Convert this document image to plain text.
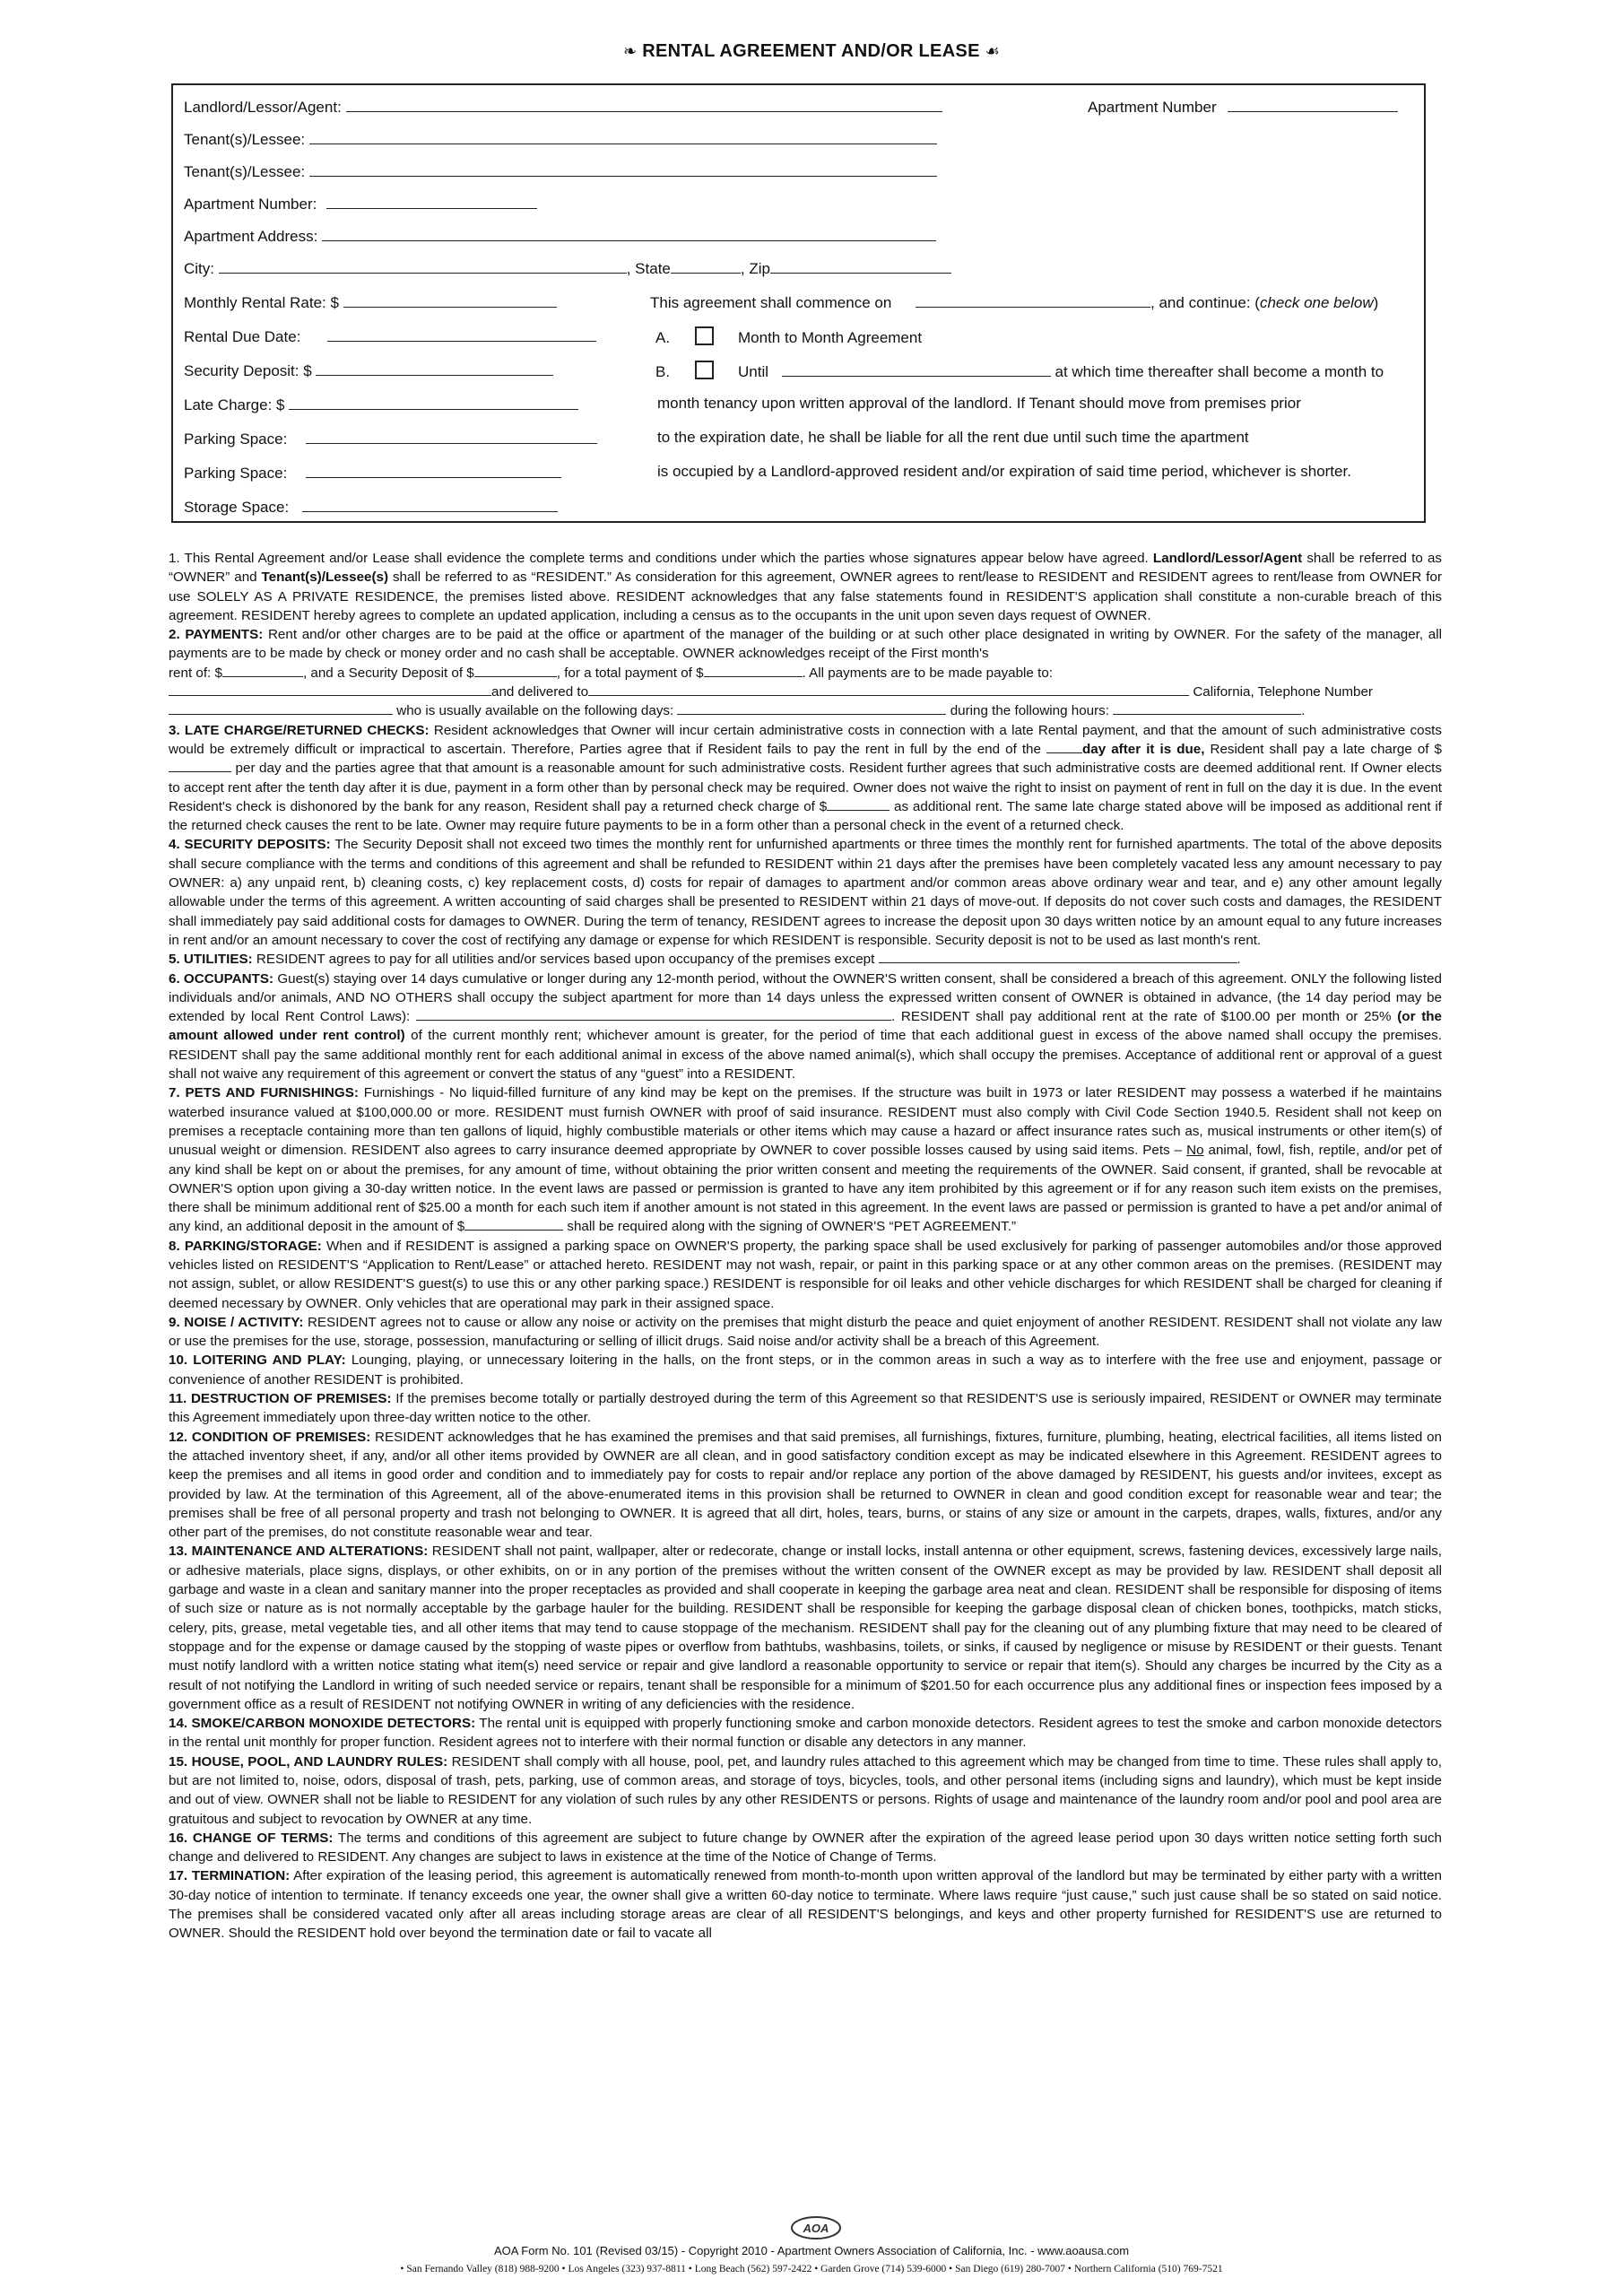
❧ RENTAL AGREEMENT AND/OR LEASE ☙
Landlord/Lessor/Agent:	Apartment Number
Tenant(s)/Lessee:
Tenant(s)/Lessee:
Apartment Number:
Apartment Address:
City:	, State	, Zip
Monthly Rental Rate: $
Rental Due Date:
Security Deposit: $
Late Charge: $
Parking Space:
Parking Space:
Storage Space:
This agreement shall commence on	, and continue: (check one below)
A.	Month to Month Agreement
B.	Until	at which time thereafter shall become a month to
month tenancy upon written approval of the landlord. If Tenant should move from premises prior
to the expiration date, he shall be liable for all the rent due until such time the apartment
is occupied by a Landlord-approved resident and/or expiration of said time period, whichever is shorter.

1. This Rental Agreement and/or Lease shall evidence the complete terms and conditions under which the parties whose signatures appear below have agreed. Landlord/Lessor/Agent shall be referred to as “OWNER” and Tenant(s)/Lessee(s) shall be referred to as “RESIDENT.” As consideration for this agreement, OWNER agrees to rent/lease to RESIDENT and RESIDENT agrees to rent/lease from OWNER for use SOLELY AS A PRIVATE RESIDENCE, the premises listed above. RESIDENT acknowledges that any false statements found in RESIDENT'S application shall constitute a non-curable breach of this agreement. RESIDENT hereby agrees to complete an updated application, including a census as to the occupants in the unit upon seven days request of OWNER.

2. PAYMENTS: Rent and/or other charges are to be paid at the office or apartment of the manager of the building or at such other place designated in writing by OWNER. For the safety of the manager, all payments are to be made by check or money order and no cash shall be acceptable. OWNER acknowledges receipt of the First month's
rent of: $	, and a Security Deposit of $	, for a total payment of $	. All payments are to be made payable to:
and delivered to	California, Telephone Number
who is usually available on the following days:	during the following hours:	.

3. LATE CHARGE/RETURNED CHECKS: Resident acknowledges that Owner will incur certain administrative costs in connection with a late Rental payment, and that the amount of such administrative costs would be extremely difficult or impractical to ascertain. Therefore, Parties agree that if Resident fails to pay the rent in full by the end of the	day after it is due, Resident shall pay a late charge of $ per day and the parties agree that that amount is a reasonable amount for such administrative costs. Resident further agrees that such administrative costs are deemed additional rent. If Owner elects to accept rent after the tenth day after it is due, payment in a form other than by personal check may be required. Owner does not waive the right to insist on payment of rent in full on the day it is due. In the event Resident's check is dishonored by the bank for any reason, Resident shall pay a returned check charge of $	as additional rent. The same late charge stated above will be imposed as additional rent if the returned check causes the rent to be late. Owner may require future payments to be in a form other than a personal check in the event of a returned check.

4. SECURITY DEPOSITS: The Security Deposit shall not exceed two times the monthly rent for unfurnished apartments or three times the monthly rent for furnished apartments. The total of the above deposits shall secure compliance with the terms and conditions of this agreement and shall be refunded to RESIDENT within 21 days after the premises have been completely vacated less any amount necessary to pay OWNER: a) any unpaid rent, b) cleaning costs, c) key replacement costs, d) costs for repair of damages to apartment and/or common areas above ordinary wear and tear, and e) any other amount legally allowable under the terms of this agreement. A written accounting of said charges shall be presented to RESIDENT within 21 days of move-out. If deposits do not cover such costs and damages, the RESIDENT shall immediately pay said additional costs for damages to OWNER. During the term of tenancy, RESIDENT agrees to increase the deposit upon 30 days written notice by an amount equal to any future increases in rent and/or an amount necessary to cover the cost of rectifying any damage or expense for which RESIDENT is responsible. Security deposit is not to be used as last month's rent.

5. UTILITIES: RESIDENT agrees to pay for all utilities and/or services based upon occupancy of the premises except	.

6. OCCUPANTS: Guest(s) staying over 14 days cumulative or longer during any 12-month period, without the OWNER'S written consent, shall be considered a breach of this agreement. ONLY the following listed individuals and/or animals, AND NO OTHERS shall occupy the subject apartment for more than 14 days unless the expressed written consent of OWNER is obtained in advance, (the 14 day period may be extended by local Rent Control Laws):	. RESIDENT shall pay additional rent at the rate of $100.00 per month or 25% (or the amount allowed under rent control) of the current monthly rent; whichever amount is greater, for the period of time that each additional guest in excess of the above named shall occupy the premises. RESIDENT shall pay the same additional monthly rent for each additional animal in excess of the above named animal(s), which shall occupy the premises. Acceptance of additional rent or approval of a guest shall not waive any requirement of this agreement or convert the status of any “guest” into a RESIDENT.

7. PETS AND FURNISHINGS: Furnishings - No liquid-filled furniture of any kind may be kept on the premises. If the structure was built in 1973 or later RESIDENT may possess a waterbed if he maintains waterbed insurance valued at $100,000.00 or more. RESIDENT must furnish OWNER with proof of said insurance. RESIDENT must also comply with Civil Code Section 1940.5. Resident shall not keep on premises a receptacle containing more than ten gallons of liquid, highly combustible materials or other items which may cause a hazard or affect insurance rates such as, musical instruments or other item(s) of unusual weight or dimension. RESIDENT also agrees to carry insurance deemed appropriate by OWNER to cover possible losses caused by using said items. Pets – No animal, fowl, fish, reptile, and/or pet of any kind shall be kept on or about the premises, for any amount of time, without obtaining the prior written consent and meeting the requirements of the OWNER. Said consent, if granted, shall be revocable at OWNER'S option upon giving a 30-day written notice. In the event laws are passed or permission is granted to have any item prohibited by this agreement or if for any reason such item exists on the premises, there shall be minimum additional rent of $25.00 a month for each such item if another amount is not stated in this agreement. In the event laws are passed or permission is granted to have a pet and/or animal of any kind, an additional deposit in the amount of $	shall be required along with the signing of OWNER'S “PET AGREEMENT.”

8. PARKING/STORAGE: When and if RESIDENT is assigned a parking space on OWNER'S property, the parking space shall be used exclusively for parking of passenger automobiles and/or those approved vehicles listed on RESIDENT'S “Application to Rent/Lease” or attached hereto. RESIDENT may not wash, repair, or paint in this parking space or at any other common areas on the premises. (RESIDENT may not assign, sublet, or allow RESIDENT'S guest(s) to use this or any other parking space.) RESIDENT is responsible for oil leaks and other vehicle discharges for which RESIDENT shall be charged for cleaning if deemed necessary by OWNER. Only vehicles that are operational may park in their assigned space.

9. NOISE / ACTIVITY: RESIDENT agrees not to cause or allow any noise or activity on the premises that might disturb the peace and quiet enjoyment of another RESIDENT. RESIDENT shall not violate any law or use the premises for the use, storage, possession, manufacturing or selling of illicit drugs. Said noise and/or activity shall be a breach of this Agreement.

10. LOITERING AND PLAY: Lounging, playing, or unnecessary loitering in the halls, on the front steps, or in the common areas in such a way as to interfere with the free use and enjoyment, passage or convenience of another RESIDENT is prohibited.

11. DESTRUCTION OF PREMISES: If the premises become totally or partially destroyed during the term of this Agreement so that RESIDENT'S use is seriously impaired, RESIDENT or OWNER may terminate this Agreement immediately upon three-day written notice to the other.

12. CONDITION OF PREMISES: RESIDENT acknowledges that he has examined the premises and that said premises, all furnishings, fixtures, furniture, plumbing, heating, electrical facilities, all items listed on the attached inventory sheet, if any, and/or all other items provided by OWNER are all clean, and in good satisfactory condition except as may be indicated elsewhere in this Agreement. RESIDENT agrees to keep the premises and all items in good order and condition and to immediately pay for costs to repair and/or replace any portion of the above damaged by RESIDENT, his guests and/or invitees, except as provided by law. At the termination of this Agreement, all of the above-enumerated items in this provision shall be returned to OWNER in clean and good condition except for reasonable wear and tear; the premises shall be free of all personal property and trash not belonging to OWNER. It is agreed that all dirt, holes, tears, burns, or stains of any size or amount in the carpets, drapes, walls, fixtures, and/or any other part of the premises, do not constitute reasonable wear and tear.

13. MAINTENANCE AND ALTERATIONS: RESIDENT shall not paint, wallpaper, alter or redecorate, change or install locks, install antenna or other equipment, screws, fastening devices, excessively large nails, or adhesive materials, place signs, displays, or other exhibits, on or in any portion of the premises without the written consent of the OWNER except as may be provided by law. RESIDENT shall deposit all garbage and waste in a clean and sanitary manner into the proper receptacles as provided and shall cooperate in keeping the garbage area neat and clean. RESIDENT shall be responsible for disposing of items of such size or nature as is not normally acceptable by the garbage hauler for the building. RESIDENT shall be responsible for keeping the garbage disposal clean of chicken bones, toothpicks, match sticks, celery, pits, grease, metal vegetable ties, and all other items that may tend to cause stoppage of the mechanism. RESIDENT shall pay for the cleaning out of any plumbing fixture that may need to be cleared of stoppage and for the expense or damage caused by the stopping of waste pipes or overflow from bathtubs, washbasins, toilets, or sinks, if caused by negligence or misuse by RESIDENT or their guests. Tenant must notify landlord with a written notice stating what item(s) need service or repair and give landlord a reasonable opportunity to service or repair that item(s). Should any charges be incurred by the City as a result of not notifying the Landlord in writing of such needed service or repairs, tenant shall be responsible for a minimum of $201.50 for each occurrence plus any additional fines or inspection fees imposed by a government office as a result of RESIDENT not notifying OWNER in writing of any deficiencies with the residence.

14. SMOKE/CARBON MONOXIDE DETECTORS: The rental unit is equipped with properly functioning smoke and carbon monoxide detectors. Resident agrees to test the smoke and carbon monoxide detectors in the rental unit monthly for proper function. Resident agrees not to interfere with their normal function or disable any detectors in any manner.

15. HOUSE, POOL, AND LAUNDRY RULES: RESIDENT shall comply with all house, pool, pet, and laundry rules attached to this agreement which may be changed from time to time. These rules shall apply to, but are not limited to, noise, odors, disposal of trash, pets, parking, use of common areas, and storage of toys, bicycles, tools, and other personal items (including signs and laundry), which must be kept inside and out of view. OWNER shall not be liable to RESIDENT for any violation of such rules by any other RESIDENTS or persons. Rights of usage and maintenance of the laundry room and/or pool and pool area are gratuitous and subject to revocation by OWNER at any time.

16. CHANGE OF TERMS: The terms and conditions of this agreement are subject to future change by OWNER after the expiration of the agreed lease period upon 30 days written notice setting forth such change and delivered to RESIDENT. Any changes are subject to laws in existence at the time of the Notice of Change of Terms.

17. TERMINATION: After expiration of the leasing period, this agreement is automatically renewed from month-to-month upon written approval of the landlord but may be terminated by either party with a written 30-day notice of intention to terminate. If tenancy exceeds one year, the owner shall give a written 60-day notice to terminate. Where laws require “just cause,” such just cause shall be so stated on said notice. The premises shall be considered vacated only after all areas including storage areas are clear of all RESIDENT'S belongings, and keys and other property furnished for RESIDENT'S use are returned to OWNER. Should the RESIDENT hold over beyond the termination date or fail to vacate all

AOA
AOA Form No. 101 (Revised 03/15) - Copyright 2010 - Apartment Owners Association of California, Inc. - www.aoausa.com
• San Fernando Valley (818) 988-9200 • Los Angeles (323) 937-8811 • Long Beach (562) 597-2422 • Garden Grove (714) 539-6000 • San Diego (619) 280-7007 • Northern California (510) 769-7521
